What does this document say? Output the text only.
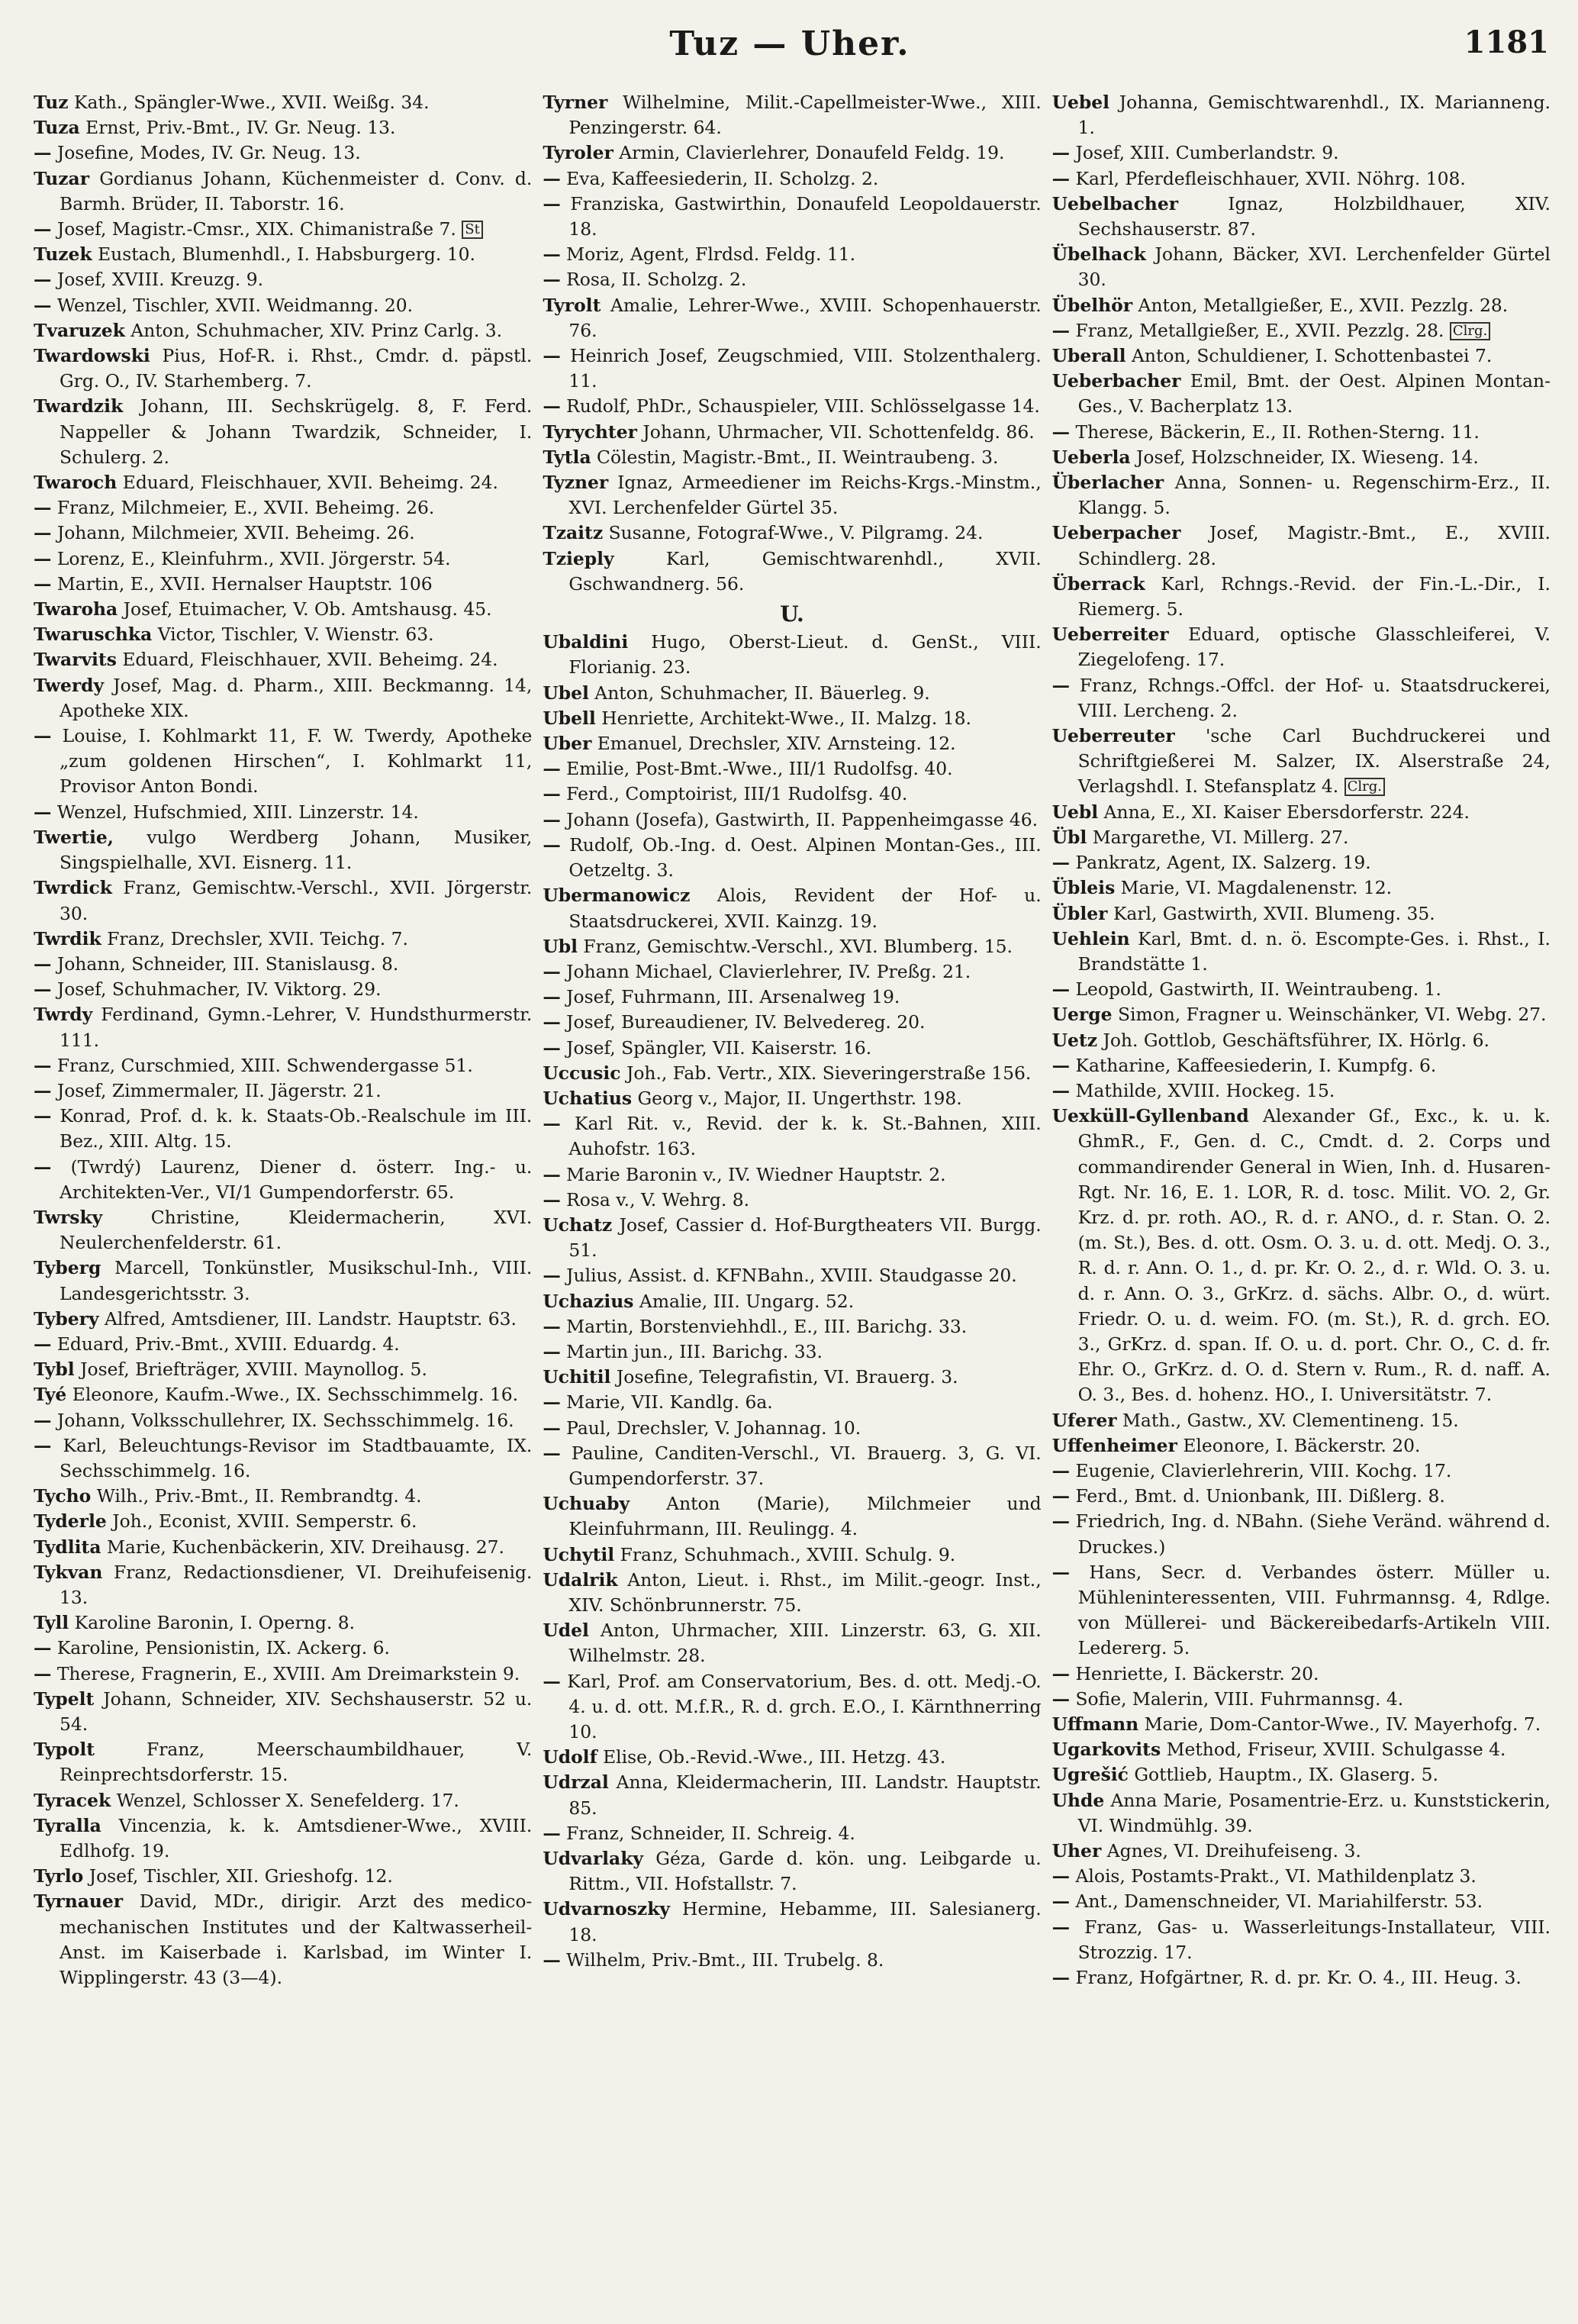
Tuz — Uher.	1181

Tuz Kath., Spängler-Wwe., XVII. Weißg. 34.

Tuza Ernst, Priv.-Bmt., IV. Gr. Neug. 13.

— Josefine, Modes, IV. Gr. Neug. 13.

Tuzar Gordianus Johann, Küchenmeister d. Conv. d. Barmh. Brüder, II. Taborstr. 16.

— Josef, Magistr.-Cmsr., XIX. Chimanistraße 7. St

Tuzek Eustach, Blumenhdl., I. Habsburgerg. 10.

— Josef, XVIII. Kreuzg. 9.

— Wenzel, Tischler, XVII. Weidmanng. 20.

Tvaruzek Anton, Schuhmacher, XIV. Prinz Carlg. 3.

Twardowski Pius, Hof-R. i. Rhst., Cmdr. d. päpstl. Grg. O., IV. Starhemberg. 7.

Twardzik Johann, III. Sechskrügelg. 8, F. Ferd. Nappeller & Johann Twardzik, Schneider, I. Schulerg. 2.

Twaroch Eduard, Fleischhauer, XVII. Beheimg. 24.

— Franz, Milchmeier, E., XVII. Beheimg. 26.

— Johann, Milchmeier, XVII. Beheimg. 26.

— Lorenz, E., Kleinfuhrm., XVII. Jörgerstr. 54.

— Martin, E., XVII. Hernalser Hauptstr. 106

Twaroha Josef, Etuimacher, V. Ob. Amtshausg. 45.

Twaruschka Victor, Tischler, V. Wienstr. 63.

Twarvits Eduard, Fleischhauer, XVII. Beheimg. 24.

Twerdy Josef, Mag. d. Pharm., XIII. Beckmanng. 14, Apotheke XIX.

— Louise, I. Kohlmarkt 11, F. W. Twerdy, Apotheke „zum goldenen Hirschen“, I. Kohlmarkt 11, Provisor Anton Bondi.

— Wenzel, Hufschmied, XIII. Linzerstr. 14.

Twertie, vulgo Werdberg Johann, Musiker, Singspielhalle, XVI. Eisnerg. 11.

Twrdick Franz, Gemischtw.-Verschl., XVII. Jörgerstr. 30.

Twrdik Franz, Drechsler, XVII. Teichg. 7.

— Johann, Schneider, III. Stanislausg. 8.

— Josef, Schuhmacher, IV. Viktorg. 29.

Twrdy Ferdinand, Gymn.-Lehrer, V. Hundsthurmerstr. 111.

— Franz, Curschmied, XIII. Schwendergasse 51.

— Josef, Zimmermaler, II. Jägerstr. 21.

— Konrad, Prof. d. k. k. Staats-Ob.-Realschule im III. Bez., XIII. Altg. 15.

— (Twrdý) Laurenz, Diener d. österr. Ing.- u. Architekten-Ver., VI/1 Gumpendorferstr. 65.

Twrsky	Christine, Kleidermacherin, XVI. Neulerchenfelderstr. 61.

Tyberg Marcell, Tonkünstler, Musikschul-Inh., VIII. Landesgerichtsstr. 3.

Tybery Alfred, Amtsdiener, III. Landstr. Hauptstr. 63.

— Eduard, Priv.-Bmt., XVIII. Eduardg. 4.

Tybl Josef, Briefträger, XVIII. Maynollog. 5.

Tyé Eleonore, Kaufm.-Wwe., IX. Sechsschimmelg. 16.

— Johann, Volksschullehrer, IX. Sechsschimmelg. 16.

— Karl, Beleuchtungs-Revisor im Stadtbauamte, IX. Sechsschimmelg. 16.

Tycho Wilh., Priv.-Bmt., II. Rembrandtg. 4.

Tyderle Joh., Econist, XVIII. Semperstr. 6.

Tydlita Marie, Kuchenbäckerin, XIV. Dreihausg. 27.

Tykvan Franz, Redactionsdiener, VI. Dreihufeisenig. 13.

Tyll Karoline Baronin, I. Operng. 8.

— Karoline, Pensionistin, IX. Ackerg. 6.

— Therese, Fragnerin, E., XVIII. Am Dreimarkstein 9.

Typelt Johann, Schneider, XIV. Sechshauserstr. 52 u. 54.

Typolt	Franz, Meerschaumbildhauer, V. Reinprechtsdorferstr. 15.

Tyracek Wenzel, Schlosser X. Senefelderg. 17.

Tyralla Vincenzia, k. k. Amtsdiener-Wwe., XVIII. Edlhofg. 19.

Tyrlo Josef, Tischler, XII. Grieshofg. 12.

Tyrnauer David, MDr., dirigir. Arzt des medico-mechanischen Institutes und der Kaltwasserheil-Anst. im Kaiserbade i. Karlsbad, im Winter I. Wipplingerstr. 43 (3—4).

Tyrner Wilhelmine, Milit.-Capellmeister-Wwe., XIII. Penzingerstr. 64.

Tyroler Armin, Clavierlehrer, Donaufeld Feldg. 19.

— Eva, Kaffeesiederin, II. Scholzg. 2.

— Franziska, Gastwirthin, Donaufeld Leopoldauerstr. 18.

— Moriz, Agent, Flrdsd. Feldg. 11.

— Rosa, II. Scholzg. 2.

Tyrolt Amalie, Lehrer-Wwe., XVIII. Schopenhauerstr. 76.

— Heinrich Josef, Zeugschmied, VIII. Stolzenthalerg. 11.

— Rudolf, PhDr., Schauspieler, VIII. Schlösselgasse 14.

Tyrychter Johann, Uhrmacher, VII. Schottenfeldg. 86.

Tytla Cölestin, Magistr.-Bmt., II. Weintraubeng. 3.

Tyzner Ignaz, Armeediener im Reichs-Krgs.-Minstm., XVI. Lerchenfelder Gürtel 35.

Tzaitz Susanne, Fotograf-Wwe., V. Pilgramg. 24.

Tzieply	Karl, Gemischtwarenhdl., XVII. Gschwandnerg. 56.

U.

Ubaldini Hugo, Oberst-Lieut. d. GenSt., VIII. Florianig. 23.

Ubel Anton, Schuhmacher, II. Bäuerleg. 9.

Ubell Henriette, Architekt-Wwe., II. Malzg. 18.

Uber Emanuel, Drechsler, XIV. Arnsteing. 12.

— Emilie, Post-Bmt.-Wwe., III/1 Rudolfsg. 40.

— Ferd., Comptoirist, III/1 Rudolfsg. 40.

— Johann (Josefa), Gastwirth, II. Pappenheimgasse 46.

— Rudolf, Ob.-Ing. d. Oest. Alpinen Montan-Ges., III. Oetzeltg. 3.

Ubermanowicz Alois, Revident der Hof- u. Staatsdruckerei, XVII. Kainzg. 19.

Ubl Franz, Gemischtw.-Verschl., XVI. Blumberg. 15.

— Johann Michael, Clavierlehrer, IV. Preßg. 21.

— Josef, Fuhrmann, III. Arsenalweg 19.

— Josef, Bureaudiener, IV. Belvedereg. 20.

— Josef, Spängler, VII. Kaiserstr. 16.

Uccusic Joh., Fab. Vertr., XIX. Sieveringerstraße 156.

Uchatius Georg v., Major, II. Ungerthstr. 198.

— Karl Rit. v., Revid. der k. k. St.-Bahnen, XIII. Auhofstr. 163.

— Marie Baronin v., IV. Wiedner Hauptstr. 2.

— Rosa v., V. Wehrg. 8.

Uchatz Josef, Cassier d. Hof-Burgtheaters VII. Burgg. 51.

— Julius, Assist. d. KFNBahn., XVIII. Staudgasse 20.

Uchazius Amalie, III. Ungarg. 52.

— Martin, Borstenviehhdl., E., III. Barichg. 33.

— Martin jun., III. Barichg. 33.

Uchitil Josefine, Telegrafistin, VI. Brauerg. 3.

— Marie, VII. Kandlg. 6a.

— Paul, Drechsler, V. Johannag. 10.

— Pauline, Canditen-Verschl., VI. Brauerg. 3, G. VI. Gumpendorferstr. 37.

Uchuaby Anton (Marie), Milchmeier und Kleinfuhrmann, III. Reulingg. 4.

Uchytil Franz, Schuhmach., XVIII. Schulg. 9.

Udalrik Anton, Lieut. i. Rhst., im Milit.-geogr. Inst., XIV. Schönbrunnerstr. 75.

Udel Anton, Uhrmacher, XIII. Linzerstr. 63, G. XII. Wilhelmstr. 28.

— Karl, Prof. am Conservatorium, Bes. d. ott. Medj.-O. 4. u. d. ott. M.f.R., R. d. grch. E.O., I. Kärnthnerring 10.

Udolf Elise, Ob.-Revid.-Wwe., III. Hetzg. 43.

Udrzal Anna, Kleidermacherin, III. Landstr. Hauptstr. 85.

— Franz, Schneider, II. Schreig. 4.

Udvarlaky Géza, Garde d. kön. ung. Leibgarde u. Rittm., VII. Hofstallstr. 7.

Udvarnoszky Hermine, Hebamme, III. Salesianerg. 18.

— Wilhelm, Priv.-Bmt., III. Trubelg. 8.

Uebel Johanna, Gemischtwarenhdl., IX. Marianneng. 1.

— Josef, XIII. Cumberlandstr. 9.

— Karl, Pferdefleischhauer, XVII. Nöhrg. 108.

Uebelbacher	Ignaz, Holzbildhauer, XIV. Sechshauserstr. 87.

Übelhack Johann, Bäcker, XVI. Lerchenfelder Gürtel 30.

Übelhör Anton, Metallgießer, E., XVII. Pezzlg. 28.

— Franz, Metallgießer, E., XVII. Pezzlg. 28. Clrg.

Uberall Anton, Schuldiener, I. Schottenbastei 7.

Ueberbacher Emil, Bmt. der Oest. Alpinen Montan-Ges., V. Bacherplatz 13.

— Therese, Bäckerin, E., II. Rothen-Sterng. 11.

Ueberla Josef, Holzschneider, IX. Wieseng. 14.

Überlacher Anna, Sonnen- u. Regenschirm-Erz., II. Klangg. 5.

Ueberpacher Josef, Magistr.-Bmt., E., XVIII. Schindlerg. 28.

Überrack Karl, Rchngs.-Revid. der Fin.-L.-Dir., I. Riemerg. 5.

Ueberreiter Eduard, optische Glasschleiferei, V. Ziegelofeng. 17.

— Franz, Rchngs.-Offcl. der Hof- u. Staatsdruckerei, VIII. Lercheng. 2.

Ueberreuter 'sche Carl Buchdruckerei und Schriftgießerei M. Salzer, IX. Alserstraße 24, Verlagshdl. I. Stefansplatz 4. Clrg.

Uebl Anna, E., XI. Kaiser Ebersdorferstr. 224.

Übl Margarethe, VI. Millerg. 27.

— Pankratz, Agent, IX. Salzerg. 19.

Übleis Marie, VI. Magdalenenstr. 12.

Übler Karl, Gastwirth, XVII. Blumeng. 35.

Uehlein Karl, Bmt. d. n. ö. Escompte-Ges. i. Rhst., I. Brandstätte 1.

— Leopold, Gastwirth, II. Weintraubeng. 1.

Uerge Simon, Fragner u. Weinschänker, VI. Webg. 27.

Uetz Joh. Gottlob, Geschäftsführer, IX. Hörlg. 6.

— Katharine, Kaffeesiederin, I. Kumpfg. 6.

— Mathilde, XVIII. Hockeg. 15.

Uexküll-Gyllenband Alexander Gf., Exc., k. u. k. GhmR., F., Gen. d. C., Cmdt. d. 2. Corps und commandirender General in Wien, Inh. d. Husaren-Rgt. Nr. 16, E. 1. LOR, R. d. tosc. Milit. VO. 2, Gr. Krz. d. pr. roth. AO., R. d. r. ANO., d. r. Stan. O. 2. (m. St.), Bes. d. ott. Osm. O. 3. u. d. ott. Medj. O. 3., R. d. r. Ann. O. 1., d. pr. Kr. O. 2., d. r. Wld. O. 3. u. d. r. Ann. O. 3., GrKrz. d. sächs. Albr. O., d. würt. Friedr. O. u. d. weim. FO. (m. St.), R. d. grch. EO. 3., GrKrz. d. span. If. O. u. d. port. Chr. O., C. d. fr. Ehr. O., GrKrz. d. O. d. Stern v. Rum., R. d. naff. A. O. 3., Bes. d. hohenz. HO., I. Universitätstr. 7.

Uferer Math., Gastw., XV. Clementineng. 15.

Uffenheimer Eleonore, I. Bäckerstr. 20.

— Eugenie, Clavierlehrerin, VIII. Kochg. 17.

— Ferd., Bmt. d. Unionbank, III. Dißlerg. 8.

— Friedrich, Ing. d. NBahn. (Siehe Veränd. während d. Druckes.)

— Hans, Secr. d. Verbandes österr. Müller u. Mühleninteressenten, VIII. Fuhrmannsg. 4, Rdlge. von Müllerei- und Bäckereibedarfs-Artikeln VIII. Ledererg. 5.

— Henriette, I. Bäckerstr. 20.

— Sofie, Malerin, VIII. Fuhrmannsg. 4.

Uffmann Marie, Dom-Cantor-Wwe., IV. Mayerhofg. 7.

Ugarkovits Method, Friseur, XVIII. Schulgasse 4.

Ugrešić Gottlieb, Hauptm., IX. Glaserg. 5.

Uhde Anna Marie, Posamentrie-Erz. u. Kunststickerin, VI. Windmühlg. 39.

Uher Agnes, VI. Dreihufeiseng. 3.

— Alois, Postamts-Prakt., VI. Mathildenplatz 3.

— Ant., Damenschneider, VI. Mariahilferstr. 53.

— Franz, Gas- u. Wasserleitungs-Installateur, VIII. Strozzig. 17.

— Franz, Hofgärtner, R. d. pr. Kr. O. 4., III. Heug. 3.
